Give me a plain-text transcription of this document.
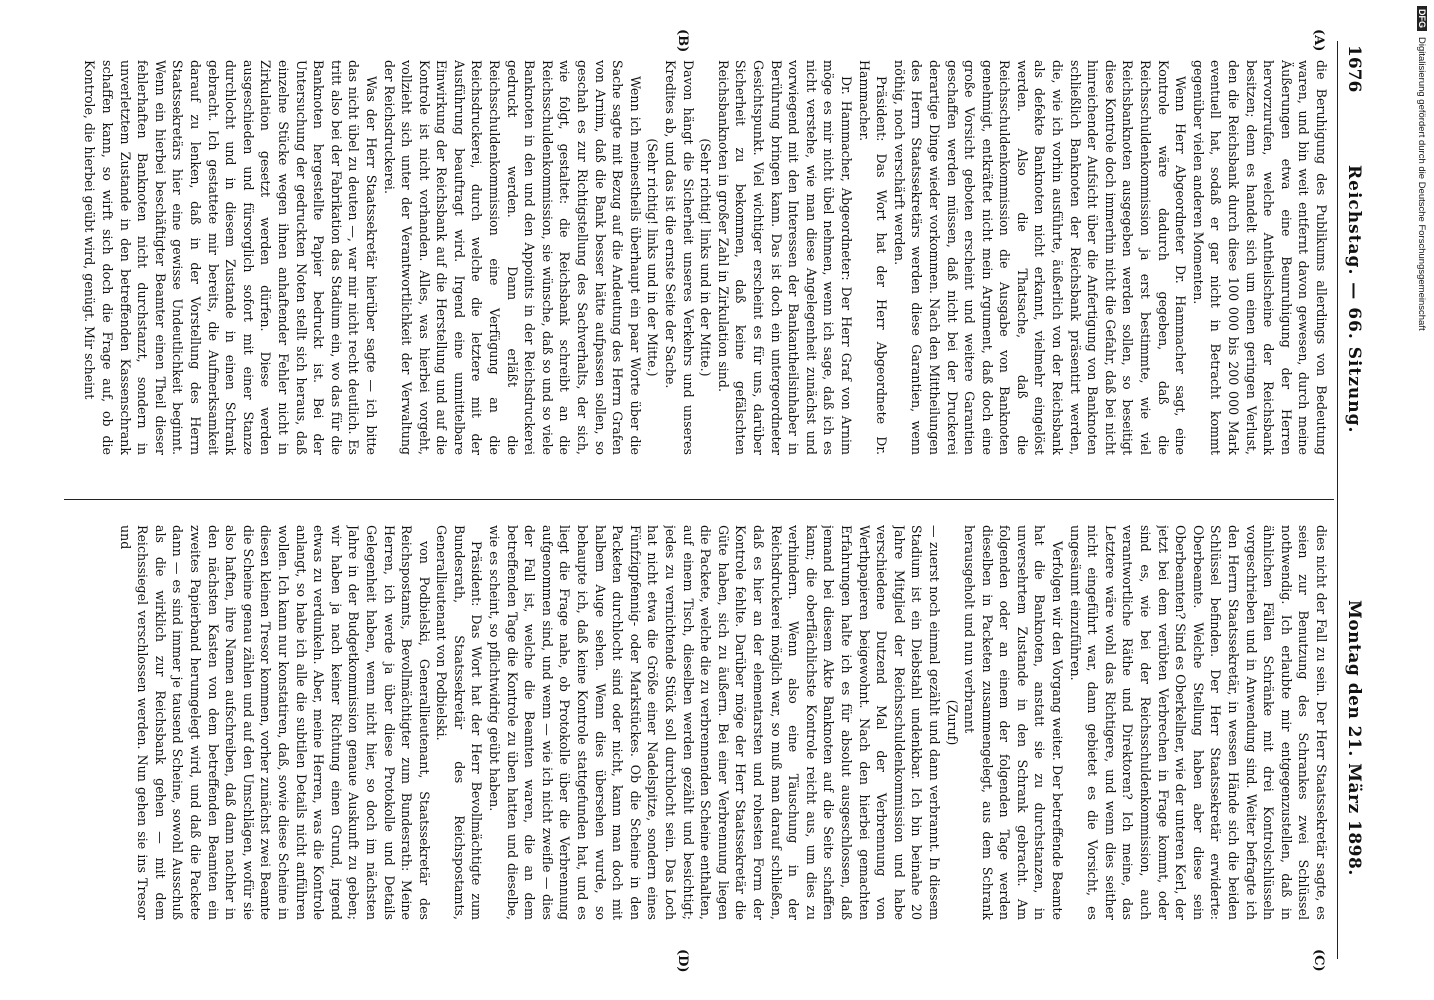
1676
Reichstag. — 66. Sitzung.
Montag den 21. März 1898.
(A)
(B)
(C)
(D)

die Beruhigung des Publikums allerdings von Bedeutung waren, und bin weit entfernt davon gewesen, durch meine Äußerungen etwa eine Beunruhigung der Herren hervorzurufen, welche Antheilscheine der Reichsbank besitzen; denn es handelt sich um einen geringen Verlust, den die Reichsbank durch diese 100 000 bis 200 000 Mark eventuell hat, sodaß er gar nicht in Betracht kommt gegenüber vielen anderen Momenten.

Wenn Herr Abgeordneter Dr. Hammacher sagt, eine Kontrole wäre dadurch gegeben, daß die Reichsschuldenkommission ja erst bestimmte, wie viel Reichsbanknoten ausgegeben werden sollen, so beseitigt diese Kontrole doch immerhin nicht die Gefahr, daß bei nicht hinreichender Aufsicht über die Anfertigung von Banknoten schließlich Banknoten der Reichsbank präsentirt werden, die, wie ich vorhin ausführte, äußerlich von der Reichsbank als defekte Banknoten nicht erkannt, vielmehr eingelöst werden. Also die Thatsache, daß die Reichsschuldenkommission die Ausgabe von Banknoten genehmigt, entkräftet nicht mein Argument, daß doch eine große Vorsicht geboten erscheint und weitere Garantien geschaffen werden müssen, daß nicht bei der Druckerei derartige Dinge wieder vorkommen. Nach den Mittheilungen des Herrn Staatssekretärs werden diese Garantien, wenn nöthig, noch verschärft werden.

Präsident: Das Wort hat der Herr Abgeordnete Dr. Hammacher.

Dr. Hammacher, Abgeordneter: Der Herr Graf von Arnim möge es mir nicht übel nehmen, wenn ich sage, daß ich es nicht verstehe, wie man diese Angelegenheit zunächst und vorwiegend mit den Interessen der Bankantheilsinhaber in Berührung bringen kann. Das ist doch ein untergeordneter Gesichtspunkt. Viel wichtiger erscheint es für uns, darüber Sicherheit zu bekommen, daß keine gefälschten Reichsbanknoten in großer Zahl in Zirkulation sind.

(Sehr richtig! links und in der Mitte.)

Davon hängt die Sicherheit unseres Verkehrs und unseres Kredites ab, und das ist die ernste Seite der Sache.

(Sehr richtig! links und in der Mitte.)

Wenn ich meinestheils überhaupt ein paar Worte über die Sache sagte mit Bezug auf die Andeutung des Herrn Grafen von Arnim, daß die Bank besser hätte aufpassen sollen, so geschah es zur Richtigstellung des Sachverhalts, der sich, wie folgt, gestaltet: die Reichsbank schreibt an die Reichsschuldenkommission, sie wünsche, daß so und so viele Banknoten in den und den Appoints in der Reichsdruckerei gedruckt werden. Dann erläßt die Reichsschuldenkommission eine Verfügung an die Reichsdruckerei, durch welche die letztere mit der Ausführung beauftragt wird. Irgend eine unmittelbare Einwirkung der Reichsbank auf die Herstellung und auf die Kontrole ist nicht vorhanden. Alles, was hierbei vorgeht, vollzieht sich unter der Verantwortlichkeit der Verwaltung der Reichsdruckerei.

Was der Herr Staatssekretär hierüber sagte — ich bitte das nicht übel zu deuten —, war mir nicht recht deutlich. Es tritt also bei der Fabrikation das Stadium ein, wo das für die Banknoten hergestellte Papier bedruckt ist. Bei der Untersuchung der gedruckten Noten stellt sich heraus, daß einzelne Stücke wegen ihnen anhaftender Fehler nicht in Zirkulation gesetzt werden dürfen. Diese werden ausgeschieden und fürsorglich sofort mit einer Stanze durchlocht und in diesem Zustande in einen Schrank gebracht. Ich gestattete mir bereits, die Aufmerksamkeit darauf zu lenken, daß in der Vorstellung des Herrn Staatssekretärs hier eine gewisse Undeutlichkeit beginnt. Wenn ein hierbei beschäftigter Beamter einen Theil dieser fehlerhaften Banknoten nicht durchstanzt, sondern in unverletztem Zustande in den betreffenden Kassenschrank schaffen kann, so wirft sich doch die Frage auf, ob die Kontrole, die hierbei geübt wird, genügt. Mir scheint

dies nicht der Fall zu sein. Der Herr Staatssekretär sagte, es seien zur Benutzung des Schrankes zwei Schlüssel nothwendig. Ich erlaubte mir entgegenzustellen, daß in ähnlichen Fällen Schränke mit drei Kontrolschlüsseln vorgeschrieben und in Anwendung sind. Weiter befragte ich den Herrn Staatssekretär, in wessen Hände sich die beiden Schlüssel befinden. Der Herr Staatssekretär erwiderte: Oberbeamte. Welche Stellung haben aber diese sein Oberbeamten? Sind es Oberkellner, wie der unteren Kerl, der jetzt bei dem verübten Verbrechen in Frage kommt, oder sind es, wie bei der Reichsschuldenkommission, auch verantwortliche Räthe und Direktoren? Ich meine, das Letztere wäre wohl das Richtigere, und wenn dies seither nicht eingeführt war, dann gebietet es die Vorsicht, es ungesäumt einzuführen.

Verfolgen wir den Vorgang weiter. Der betreffende Beamte hat die Banknoten, anstatt sie zu durchstanzen, in unversehrtem Zustande in den Schrank gebracht. Am folgenden oder an einem der folgenden Tage werden dieselben in Packeten zusammengelegt, aus dem Schrank herausgeholt und nun verbrannt

(Zuruf)

— zuerst noch einmal gezählt und dann verbrannt. In diesem Stadium ist ein Diebstahl undenkbar. Ich bin beinahe 20 Jahre Mitglied der Reichsschuldenkommission und habe verschiedene Dutzend Mal der Verbrennung von Werthpapieren beigewohnt. Nach den hierbei gemachten Erfahrungen halte ich es für absolut ausgeschlossen, daß jemand bei diesem Akte Banknoten auf die Seite schaffen kann; die oberflächlichste Kontrole reicht aus, um dies zu verhindern. Wenn also eine Täuschung in der Reichsdruckerei möglich war, so muß man darauf schließen, daß es hier an der elementarsten und rohesten Form der Kontrole fehlte. Darüber möge der Herr Staatssekretär die Güte haben, sich zu äußern. Bei einer Verbrennung liegen die Packete, welche die zu verbrennenden Scheine enthalten, auf einem Tisch, dieselben werden gezählt und besichtigt; jedes zu vernichtende Stück soll durchlocht sein. Das Loch hat nicht etwa die Größe einer Nadelspitze, sondern eines Fünfzigpfennig- oder Markstückes. Ob die Scheine in den Packeten durchlocht sind oder nicht, kann man doch mit halbem Auge sehen. Wenn dies übersehen wurde, so behaupte ich, daß keine Kontrole stattgefunden hat, und es liegt die Frage nahe, ob Protokolle über die Verbrennung aufgenommen sind, und wenn — wie ich nicht zweifle — dies der Fall ist, welche die Beamten waren, die an dem betreffenden Tage die Kontrole zu üben hatten und dieselbe, wie es scheint, so pflichtwidrig geübt haben.

Präsident: Das Wort hat der Herr Bevollmächtigte zum Bundesrath, Staatssekretär des Reichspostamts, Generallieutenant von Podbielski.

von Podbielski, Generallieutenant, Staatssekretär des Reichspostamts, Bevollmächtigter zum Bundesrath: Meine Herren, ich werde ja über diese Protokolle und Details Gelegenheit haben, wenn nicht hier, so doch im nächsten Jahre in der Budgetkommission genaue Auskunft zu geben; wir haben ja nach keiner Richtung einen Grund, irgend etwas zu verdunkeln. Aber, meine Herren, was die Kontrole anlangt, so habe ich alle die subtilen Details nicht anführen wollen. Ich kann nur konstatiren, daß, sowie diese Scheine in diesen kleinen Tresor kommen, vorher zunächst zwei Beamte die Scheine genau zählen und auf den Umschlägen, wofür sie also haften, ihre Namen aufschreiben, daß dann nachher in den nächsten Kasten von dem betreffenden Beamten ein zweites Papierband herumgelegt wird, und daß die Packete dann — es sind immer je tausend Scheine, sowohl Ausschuß als die wirklich zur Reichsbank gehen — mit dem Reichssiegel verschlossen werden. Nun gehen sie ins Tresor und

DFGDigitalisierung gefördert durch die Deutsche Forschungsgemeinschaft
